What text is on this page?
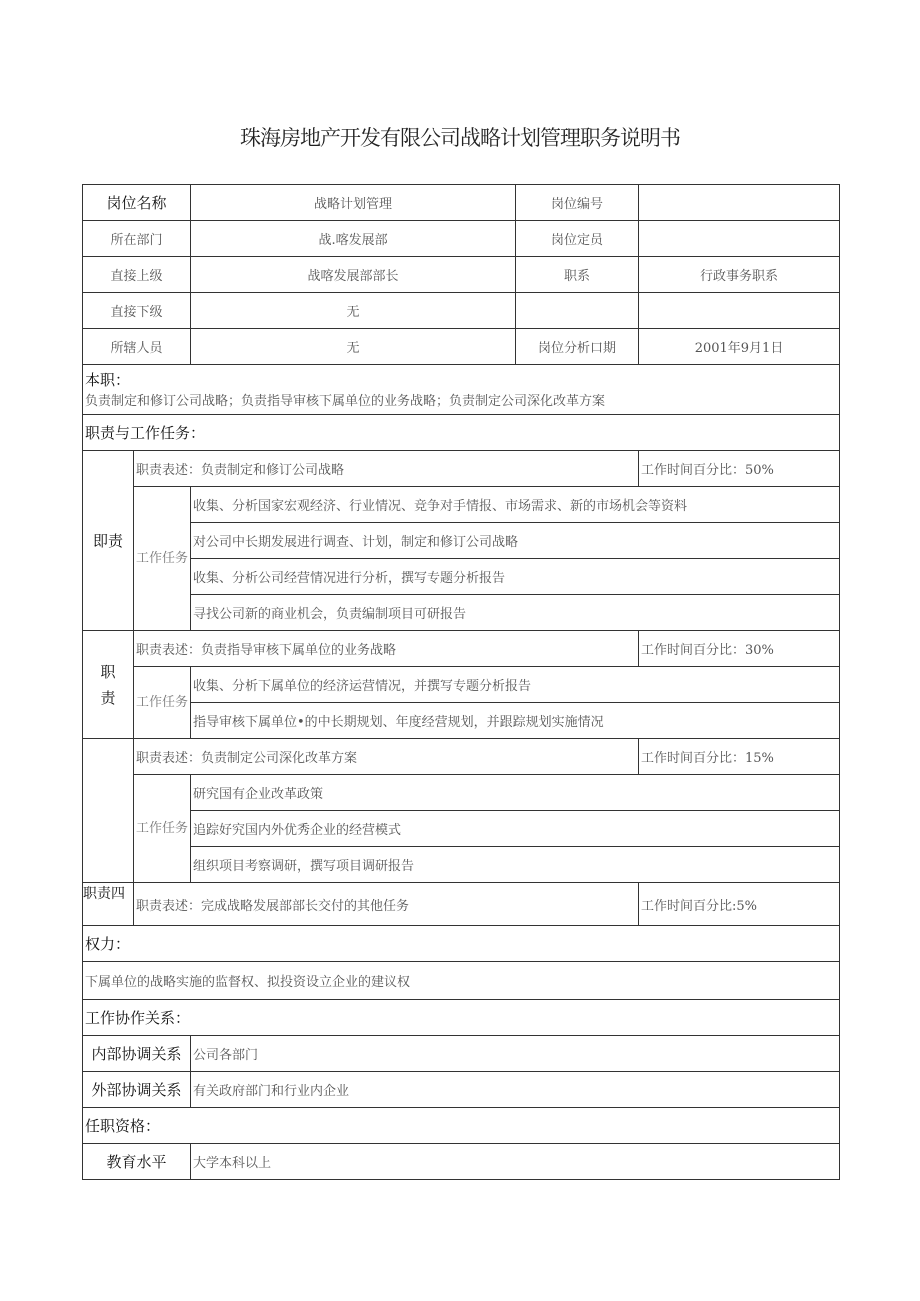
珠海房地产开发有限公司战略计划管理职务说明书
岗位名称		战略计划管理	岗位编号	
所在部门		战.喀发展部	岗位定员	
直接上级		战喀发展部部长	职系	行政事务职系
直接下级		无		
所辖人员		无	岗位分析口期	2001年9月1日

本职：
负责制定和修订公司战略；负责指导审核下属单位的业务战略；负责制定公司深化改革方案				

职责与工作任务：				
即责	职责表述：负责制定和修订公司战略			工作时间百分比：50%
	工作任务	收集、分析国家宏观经济、行业情况、竞争对手情报、市场需求、新的市场机会等资料		
		对公司中长期发展进行调查、计划，制定和修订公司战略		
		收集、分析公司经营情况进行分析，撰写专题分析报告		
		寻找公司新的商业机会，负责编制项目可研报告		
职责	职责表述：负责指导审核下属单位的业务战略			工作时间百分比：30%
	工作任务	收集、分析下属单位的经济运营情况，并撰写专题分析报告		
		指导审核下属单位•的中长期规划、年度经营规划，并跟踪规划实施情况		
	职责表述：负责制定公司深化改革方案			工作时间百分比：15%
	工作任务	研究国有企业改革政策		
		追踪好究国内外优秀企业的经营模式		
		组织项目考察调研，撰写项目调研报告		
职责四	职责表述：完成战略发展部部长交付的其他任务			工作时间百分比:5%
权力：				
下属单位的战略实施的监督权、拟投资设立企业的建议权				
工作协作关系：				
内部协调关系		公司各部门		
外部协调关系		有关政府部门和行业内企业		
任职资格：				
教育水平		大学本科以上		
